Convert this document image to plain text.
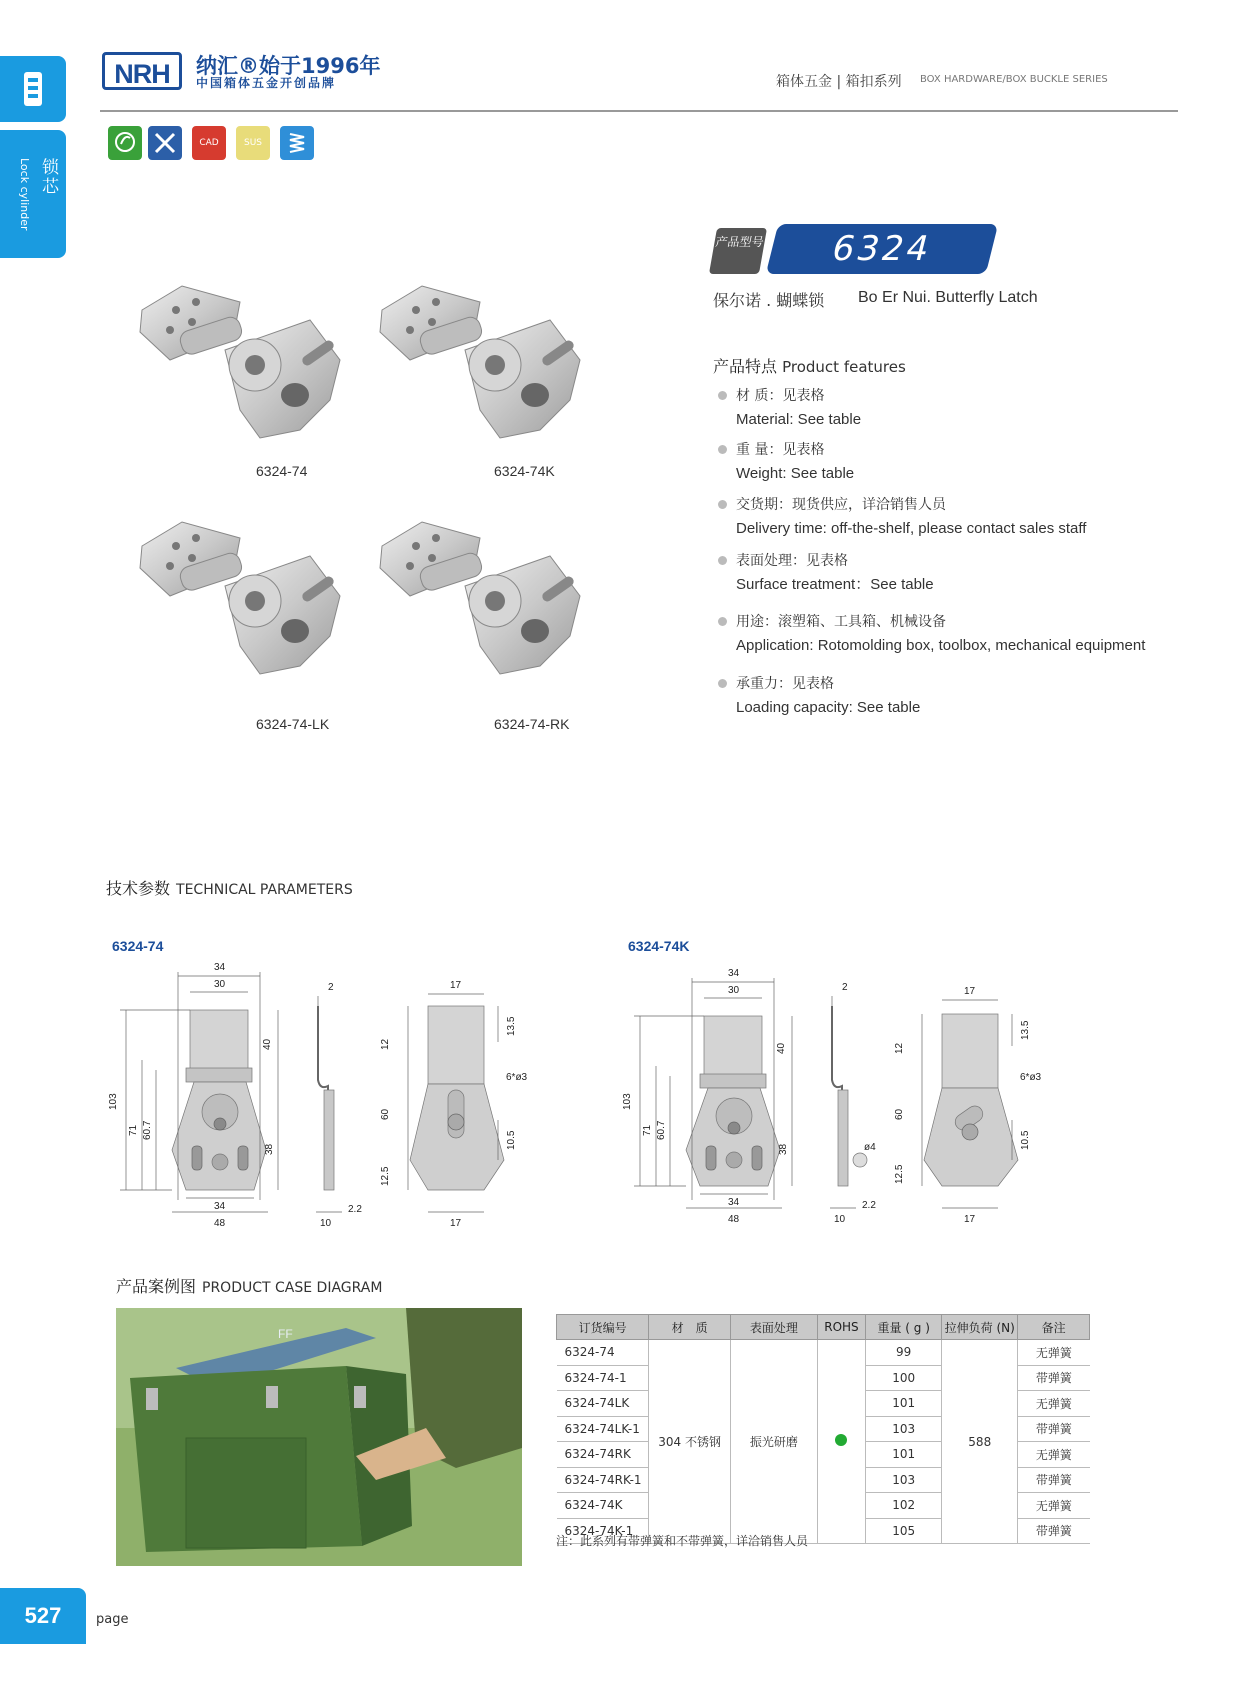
锁芯
Lock cylinder
NRH	纳汇®始于1996年
中国箱体五金开创品牌	箱体五金 | 箱扣系列 BOX HARDWARE/BOX BUCKLE SERIES
CAD	SUS
产品型号	6324
保尔诺 . 蝴蝶锁 Bo Er Nui. Butterfly Latch
产品特点 Product features
材 质：见表格
Material: See table
重 量：见表格
Weight: See table
交货期：现货供应，详洽销售人员
Delivery time: off-the-shelf, please contact sales staff
表面处理：见表格
Surface treatment：See table
用途：滚塑箱、工具箱、机械设备
Application: Rotomolding box, toolbox, mechanical equipment
承重力：见表格
Loading capacity: See table
6324-74	6324-74K
6324-74-LK	6324-74-RK
技术参数 TECHNICAL PARAMETERS
6324-74	6324-74K
34
30
40
103
71 60.7
38
34
48
2
10
2.2
17
13.5
12
6*ø3
60
10.5
12.5
17
34
30
40
103
71 60.7
38
34
48
2
ø4
10
2.2
17
13.5
12
6*ø3
60
10.5
12.5
17
产品案例图 PRODUCT CASE DIAGRAM
FF	订货编号	材　质	表面处理	ROHS	重量 ( g )	拉伸负荷 (N)	备注
6324-74	304 不锈钢	振光研磨		99	588	无弹簧
6324-74-1				100		带弹簧
6324-74LK				101		无弹簧
6324-74LK-1				103		带弹簧
6324-74RK				101		无弹簧
6324-74RK-1				103		带弹簧
6324-74K				102		无弹簧
6324-74K-1				105		带弹簧
注：此系列有带弹簧和不带弹簧，详洽销售人员
527	page
